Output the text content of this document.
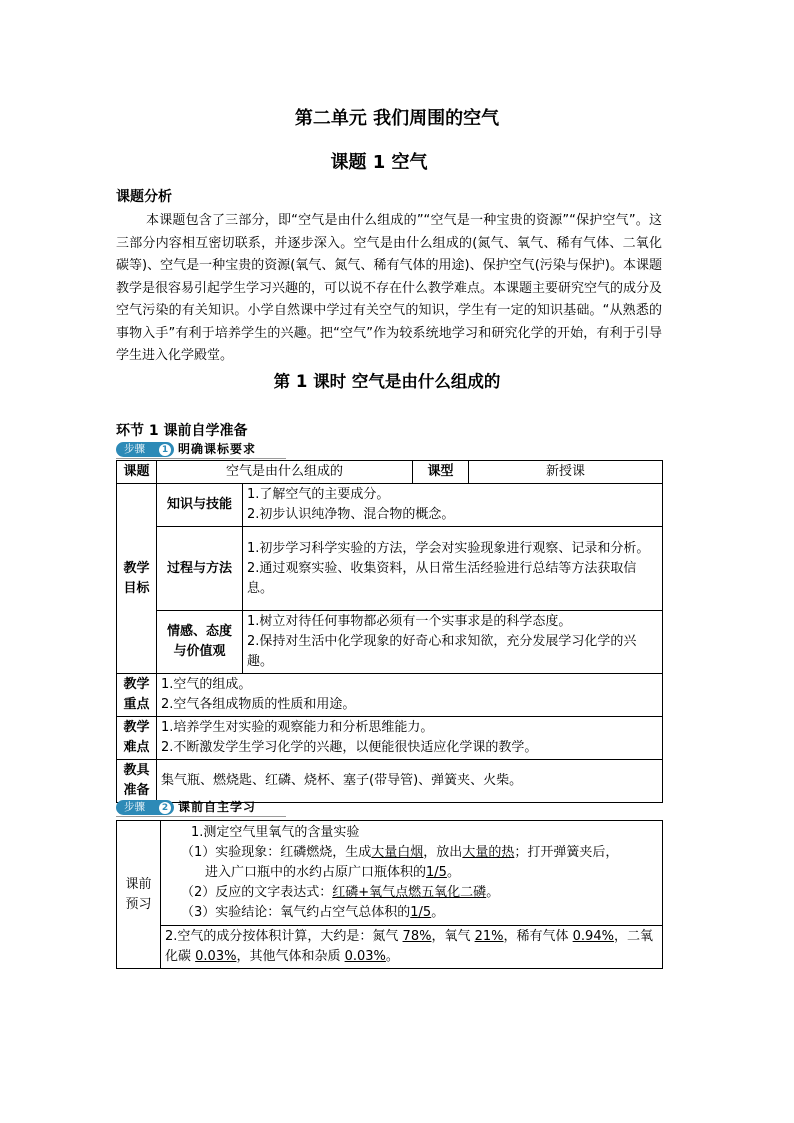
第二单元 我们周围的空气
课题 1 空气
课题分析
本课题包含了三部分，即“空气是由什么组成的”“空气是一种宝贵的资源”“保护空气”。这三部分内容相互密切联系，并逐步深入。空气是由什么组成的(氮气、氧气、稀有气体、二氧化碳等)、空气是一种宝贵的资源(氧气、氮气、稀有气体的用途)、保护空气(污染与保护)。本课题教学是很容易引起学生学习兴趣的，可以说不存在什么教学难点。本课题主要研究空气的成分及空气污染的有关知识。小学自然课中学过有关空气的知识，学生有一定的知识基础。“从熟悉的事物入手”有利于培养学生的兴趣。把“空气”作为较系统地学习和研究化学的开始，有利于引导学生进入化学殿堂。
第 1 课时 空气是由什么组成的
环节 1 课前自学准备
步骤	1 明确课标要求
课题	空气是由什么组成的		课型	新授课
教学目标	知识与技能	1.了解空气的主要成分。
2.初步认识纯净物、混合物的概念。		

	过程与方法	1.初步学习科学实验的方法，学会对实验现象进行观察、记录和分析。
2.通过观察实验、收集资料，从日常生活经验进行总结等方法获取信息。		

	情感、态度与价值观	1.树立对待任何事物都必须有一个实事求是的科学态度。
2.保持对生活中化学现象的好奇心和求知欲，充分发展学习化学的兴趣。		

教学重点	1.空气的组成。
2.空气各组成物质的性质和用途。			

教学难点	1.培养学生对实验的观察能力和分析思维能力。
2.不断激发学生学习化学的兴趣，以便能很快适应化学课的教学。			

教具准备	集气瓶、燃烧匙、红磷、烧杯、塞子(带导管)、弹簧夹、火柴。			
步骤	2 课前自主学习
课前预习	
1.测定空气里氧气的含量实验
（1）实验现象：红磷燃烧，生成大量白烟，放出大量的热；打开弹簧夹后，
进入广口瓶中的水约占原广口瓶体积的1/5。
（2）反应的文字表达式：红磷+氧气点燃五氧化二磷。
（3）实验结论：氧气约占空气总体积的1/5。

2.空气的成分按体积计算，大约是：氮气 78%，氧气 21%，稀有气体 0.94%，二氧化碳 0.03%，其他气体和杂质 0.03%。
